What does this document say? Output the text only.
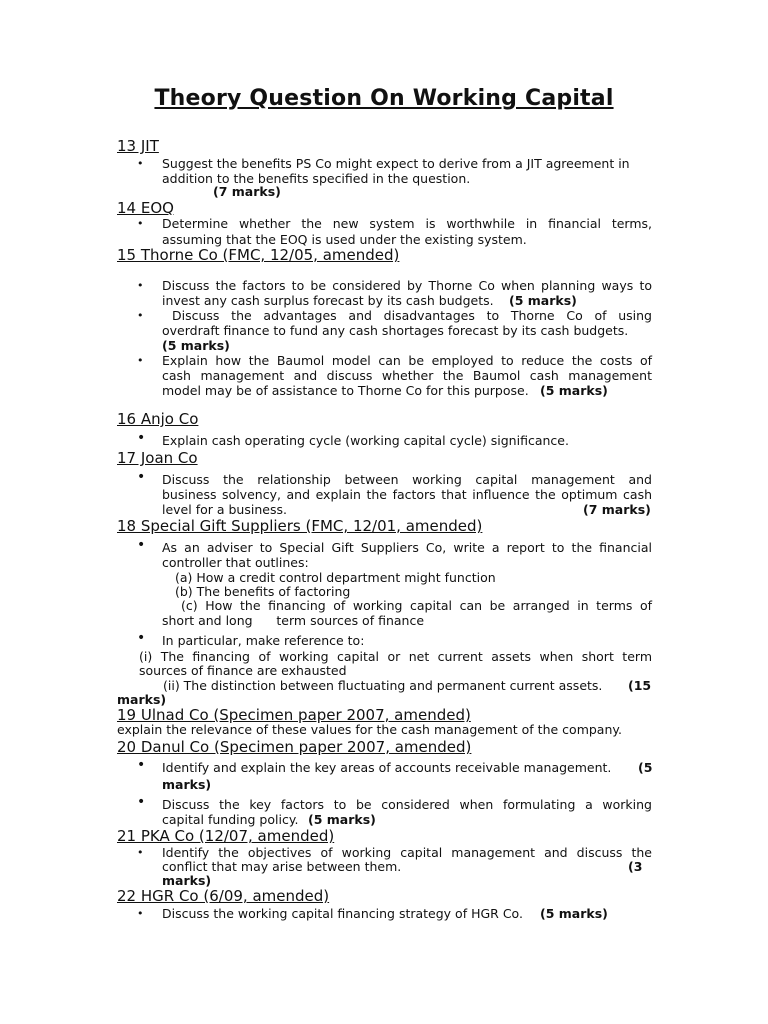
Theory Question On Working Capital

13 JIT

• Suggest the benefits PS Co might expect to derive from a JIT agreement in

addition to the benefits specified in the question.

(7 marks)

14 EOQ

• Determine whether the new system is worthwhile in financial terms,

assuming that the EOQ is used under the existing system.

15 Thorne Co (FMC, 12/05, amended)

• Discuss the factors to be considered by Thorne Co when planning ways to

invest any cash surplus forecast by its cash budgets. (5 marks)

• Discuss the advantages and disadvantages to Thorne Co of using

overdraft finance to fund any cash shortages forecast by its cash budgets.

(5 marks)

• Explain how the Baumol model can be employed to reduce the costs of

cash management and discuss whether the Baumol cash management

model may be of assistance to Thorne Co for this purpose. (5 marks)

16 Anjo Co

• Explain cash operating cycle (working capital cycle) significance.

17 Joan Co

• Discuss the relationship between working capital management and

business solvency, and explain the factors that influence the optimum cash

level for a business.	(7 marks)

18 Special Gift Suppliers (FMC, 12/01, amended)

• As an adviser to Special Gift Suppliers Co, write a report to the financial

controller that outlines:

(a) How a credit control department might function

(b) The benefits of factoring

(c) How the financing of working capital can be arranged in terms of

short and long      term sources of finance

• In particular, make reference to:

(i) The financing of working capital or net current assets when short term

sources of finance are exhausted

(ii) The distinction between fluctuating and permanent current assets. (15

marks)

19 Ulnad Co (Specimen paper 2007, amended)

explain the relevance of these values for the cash management of the company.

20 Danul Co (Specimen paper 2007, amended)

• Identify and explain the key areas of accounts receivable management. (5

marks)

• Discuss the key factors to be considered when formulating a working

capital funding policy. (5 marks)

21 PKA Co (12/07, amended)

• Identify the objectives of working capital management and discuss the

conflict that may arise between them.	(3

marks)

22 HGR Co (6/09, amended)

• Discuss the working capital financing strategy of HGR Co. (5 marks)
